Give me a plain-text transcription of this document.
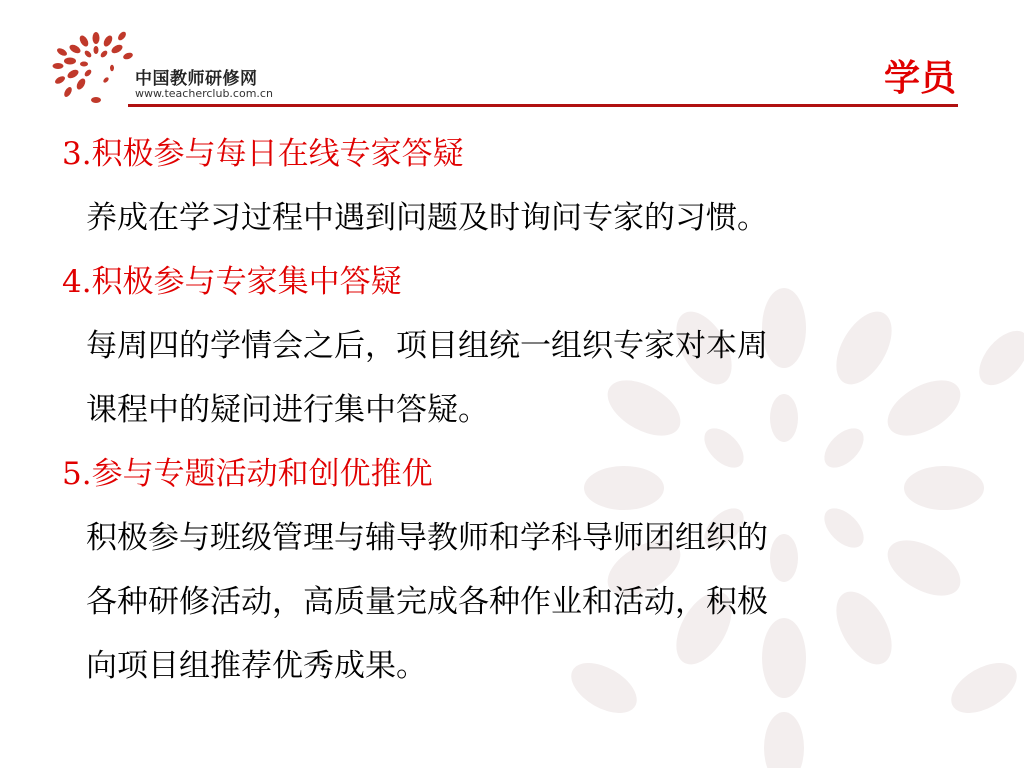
中国教师研修网
www.teacherclub.com.cn	学员
3.积极参与每日在线专家答疑
养成在学习过程中遇到问题及时询问专家的习惯。
4.积极参与专家集中答疑
每周四的学情会之后，项目组统一组织专家对本周
课程中的疑问进行集中答疑。
5.参与专题活动和创优推优
积极参与班级管理与辅导教师和学科导师团组织的
各种研修活动，高质量完成各种作业和活动，积极
向项目组推荐优秀成果。
